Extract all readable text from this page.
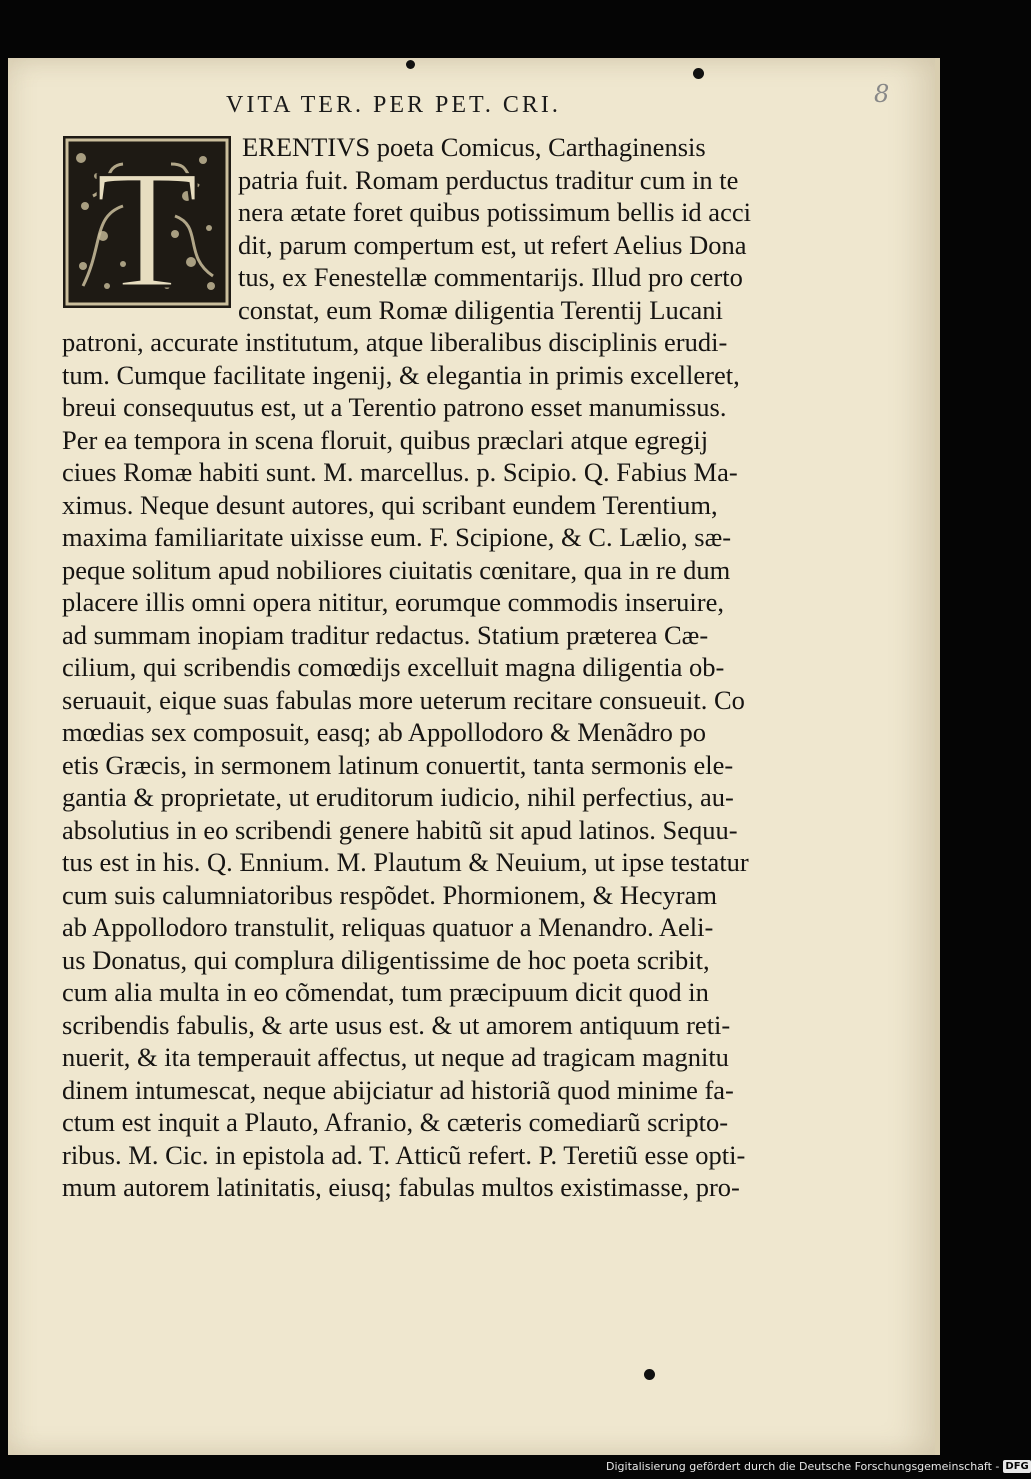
8
VITA TER. PER PET. CRI.
T ERENTIVS poeta Comicus, Carthaginensis
patria fuit. Romam perductus traditur cum in te
nera ætate foret quibus potissimum bellis id acci
dit, parum compertum est, ut refert Aelius Dona
tus, ex Fenestellæ commentarijs. Illud pro certo
constat, eum Romæ diligentia Terentij Lucani
patroni, accurate institutum, atque liberalibus disciplinis erudi-
tum. Cumque facilitate ingenij, & elegantia in primis excelleret,
breui consequutus est, ut a Terentio patrono esset manumissus.
Per ea tempora in scena floruit, quibus præclari atque egregij
ciues Romæ habiti sunt. M. marcellus. p. Scipio. Q. Fabius Ma-
ximus. Neque desunt autores, qui scribant eundem Terentium,
maxima familiaritate uixisse eum. F. Scipione, & C. Lælio, sæ-
peque solitum apud nobiliores ciuitatis cœnitare, qua in re dum
placere illis omni opera nititur, eorumque commodis inseruire,
ad summam inopiam traditur redactus. Statium præterea Cæ-
cilium, qui scribendis comœdijs excelluit magna diligentia ob-
seruauit, eique suas fabulas more ueterum recitare consueuit. Co
mœdias sex composuit, easq; ab Appollodoro & Menãdro po
etis Græcis, in sermonem latinum conuertit, tanta sermonis ele-
gantia & proprietate, ut eruditorum iudicio, nihil perfectius, au-
absolutius in eo scribendi genere habitũ sit apud latinos. Sequu-
tus est in his. Q. Ennium. M. Plautum & Neuium, ut ipse testatur
cum suis calumniatoribus respõdet. Phormionem, & Hecyram
ab Appollodoro transtulit, reliquas quatuor a Menandro. Aeli-
us Donatus, qui complura diligentissime de hoc poeta scribit,
cum alia multa in eo cõmendat, tum præcipuum dicit quod in
scribendis fabulis, & arte usus est. & ut amorem antiquum reti-
nuerit, & ita temperauit affectus, ut neque ad tragicam magnitu
dinem intumescat, neque abijciatur ad historiã quod minime fa-
ctum est inquit a Plauto, Afranio, & cæteris comediarũ scripto-
ribus. M. Cic. in epistola ad. T. Atticũ refert. P. Teretiũ esse opti-
mum autorem latinitatis, eiusq; fabulas multos existimasse, pro-
Digitalisierung gefördert durch die Deutsche Forschungsgemeinschaft - DFG
